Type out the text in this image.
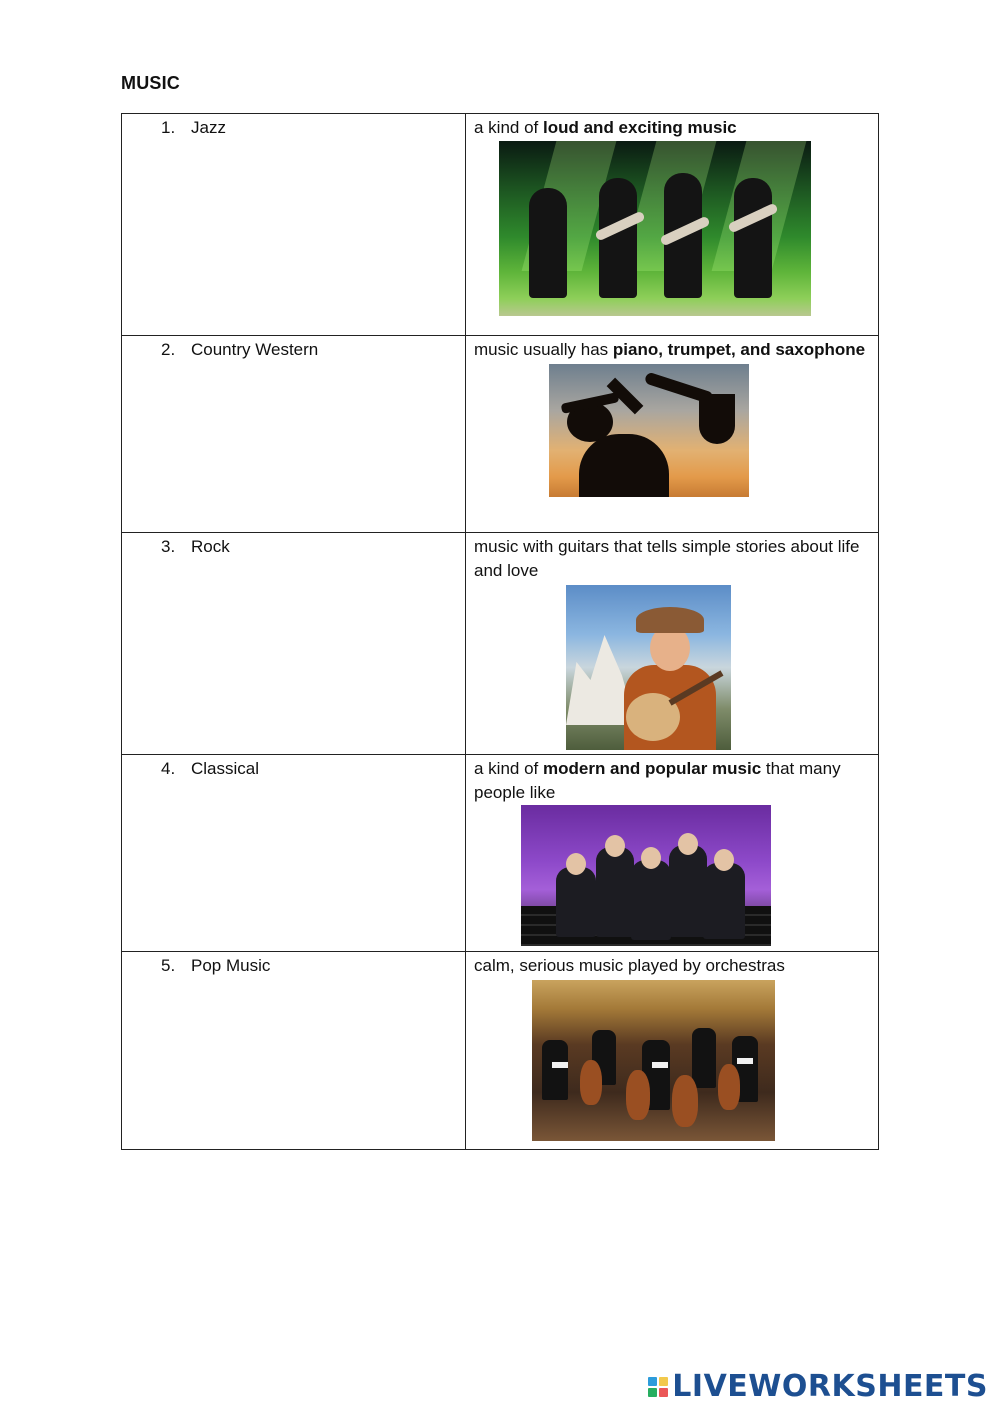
MUSIC
1. Jazz	a kind of loud and exciting music

2. Country Western	music usually has piano, trumpet, and saxophone

3. Rock	music with guitars that tells simple stories about life and love

4. Classical	a kind of modern and popular music that many people like

5. Pop Music	calm, serious music played by orchestras
LIVEWORKSHEETS
